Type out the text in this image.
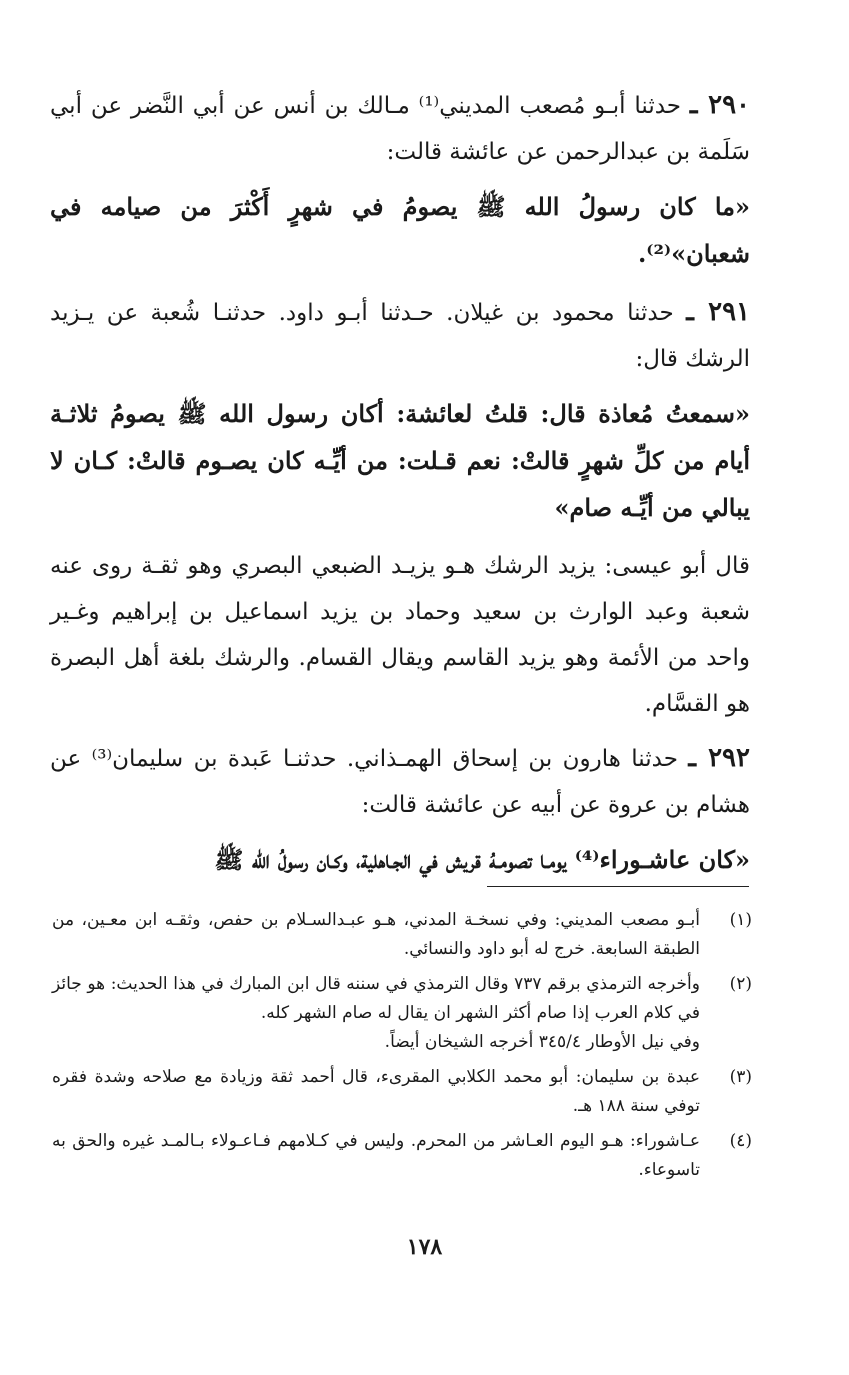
٢٩٠ ـ حدثنا أبـو مُصعب المديني⁽¹⁾ مـالك بن أنس عن أبي النَّضر عن أبي سَلَمة بن عبدالرحمن عن عائشة قالت:

«ما كان رسولُ الله ﷺ يصومُ في شهرٍ أَكْثرَ من صيامه في شعبان»⁽²⁾.

٢٩١ ـ حدثنا محمود بن غيلان. حـدثنا أبـو داود. حدثنـا شُعبة عن يـزيد الرشك قال:

«سمعتُ مُعاذة قال: قلتُ لعائشة: أكان رسول الله ﷺ يصومُ ثلاثـة أيام من كلِّ شهرٍ قالتْ: نعم قـلت: من أيِّـه كان يصـوم قالتْ: كـان لا يبالي من أيِّـه صام»

قال أبو عيسى: يزيد الرشك هـو يزيـد الضبعي البصري وهو ثقـة روى عنه شعبة وعبد الوارث بن سعيد وحماد بن يزيد اسماعيل بن إبراهيم وغـير واحد من الأئمة وهو يزيد القاسم ويقال القسام. والرشك بلغة أهل البصرة هو القسَّام.

٢٩٢ ـ حدثنا هارون بن إسحاق الهمـذاني. حدثنـا عَبدة بن سليمان⁽³⁾ عن هشام بن عروة عن أبيه عن عائشة قالت:

«كان عاشـوراء⁽⁴⁾ يومـا تصومـهُ قريش في الجـاهلية، وكـان رسولُ الله ﷺ

(١)
أبـو مصعب المديني: وفي نسخـة المدني، هـو عبـدالسـلام بن حفص، وثقـه ابن معـين، من الطبقة السابعة. خرج له أبو داود والنسائي.
(٢)
وأخرجه الترمذي برقم ٧٣٧ وقال الترمذي في سننه قال ابن المبارك في هذا الحديث: هو جائز في كلام العرب إذا صام أكثر الشهر ان يقال له صام الشهر كله.
وفي نيل الأوطار ٣٤٥/٤ أخرجه الشيخان أيضاً.
(٣)
عبدة بن سليمان: أبو محمد الكلابي المقرىء، قال أحمد ثقة وزيادة مع صلاحه وشدة فقره توفي سنة ١٨٨ هـ.
(٤)
عـاشوراء: هـو اليوم العـاشر من المحرم. وليس في كـلامهم فـاعـولاء بـالمـد غيره والحق به تاسوعاء.
١٧٨
